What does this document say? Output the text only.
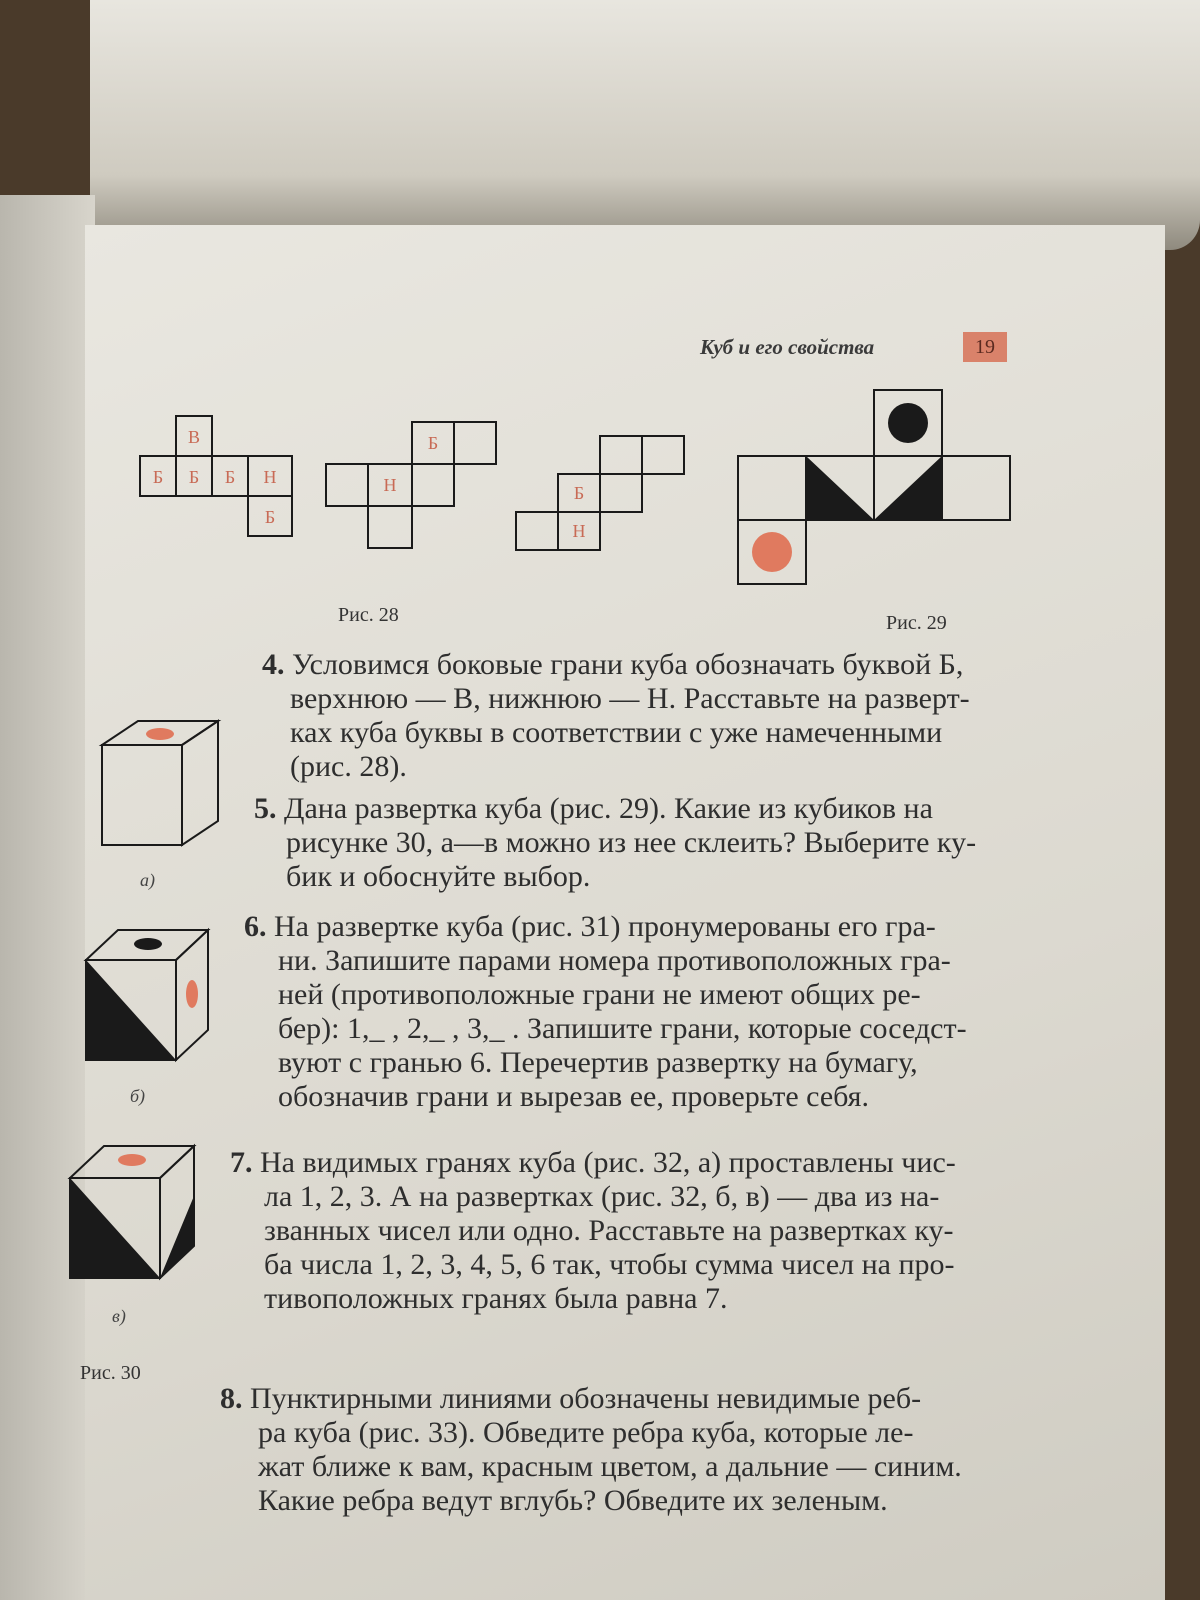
Куб и его свойства	19
В
Б Б Б Н
Б
Б
Н	Б
Н
Рис. 28	Рис. 29
а)
б)
в)
Рис. 30
4. Условимся боковые грани куба обозначать буквой Б,
верхнюю — В, нижнюю — Н. Расставьте на разверт-
ках куба буквы в соответствии с уже намеченными
(рис. 28).
5. Дана развертка куба (рис. 29). Какие из кубиков на
рисунке 30, а—в можно из нее склеить? Выберите ку-
бик и обоснуйте выбор.
6. На развертке куба (рис. 31) пронумерованы его гра-
ни. Запишите парами номера противоположных гра-
ней (противоположные грани не имеют общих ре-
бер): 1,_ , 2,_ , 3,_ . Запишите грани, которые соседст-
вуют с гранью 6. Перечертив развертку на бумагу,
обозначив грани и вырезав ее, проверьте себя.
7. На видимых гранях куба (рис. 32, а) проставлены чис-
ла 1, 2, 3. А на развертках (рис. 32, б, в) — два из на-
званных чисел или одно. Расставьте на развертках ку-
ба числа 1, 2, 3, 4, 5, 6 так, чтобы сумма чисел на про-
тивоположных гранях была равна 7.
8. Пунктирными линиями обозначены невидимые реб-
ра куба (рис. 33). Обведите ребра куба, которые ле-
жат ближе к вам, красным цветом, а дальние — синим.
Какие ребра ведут вглубь? Обведите их зеленым.
